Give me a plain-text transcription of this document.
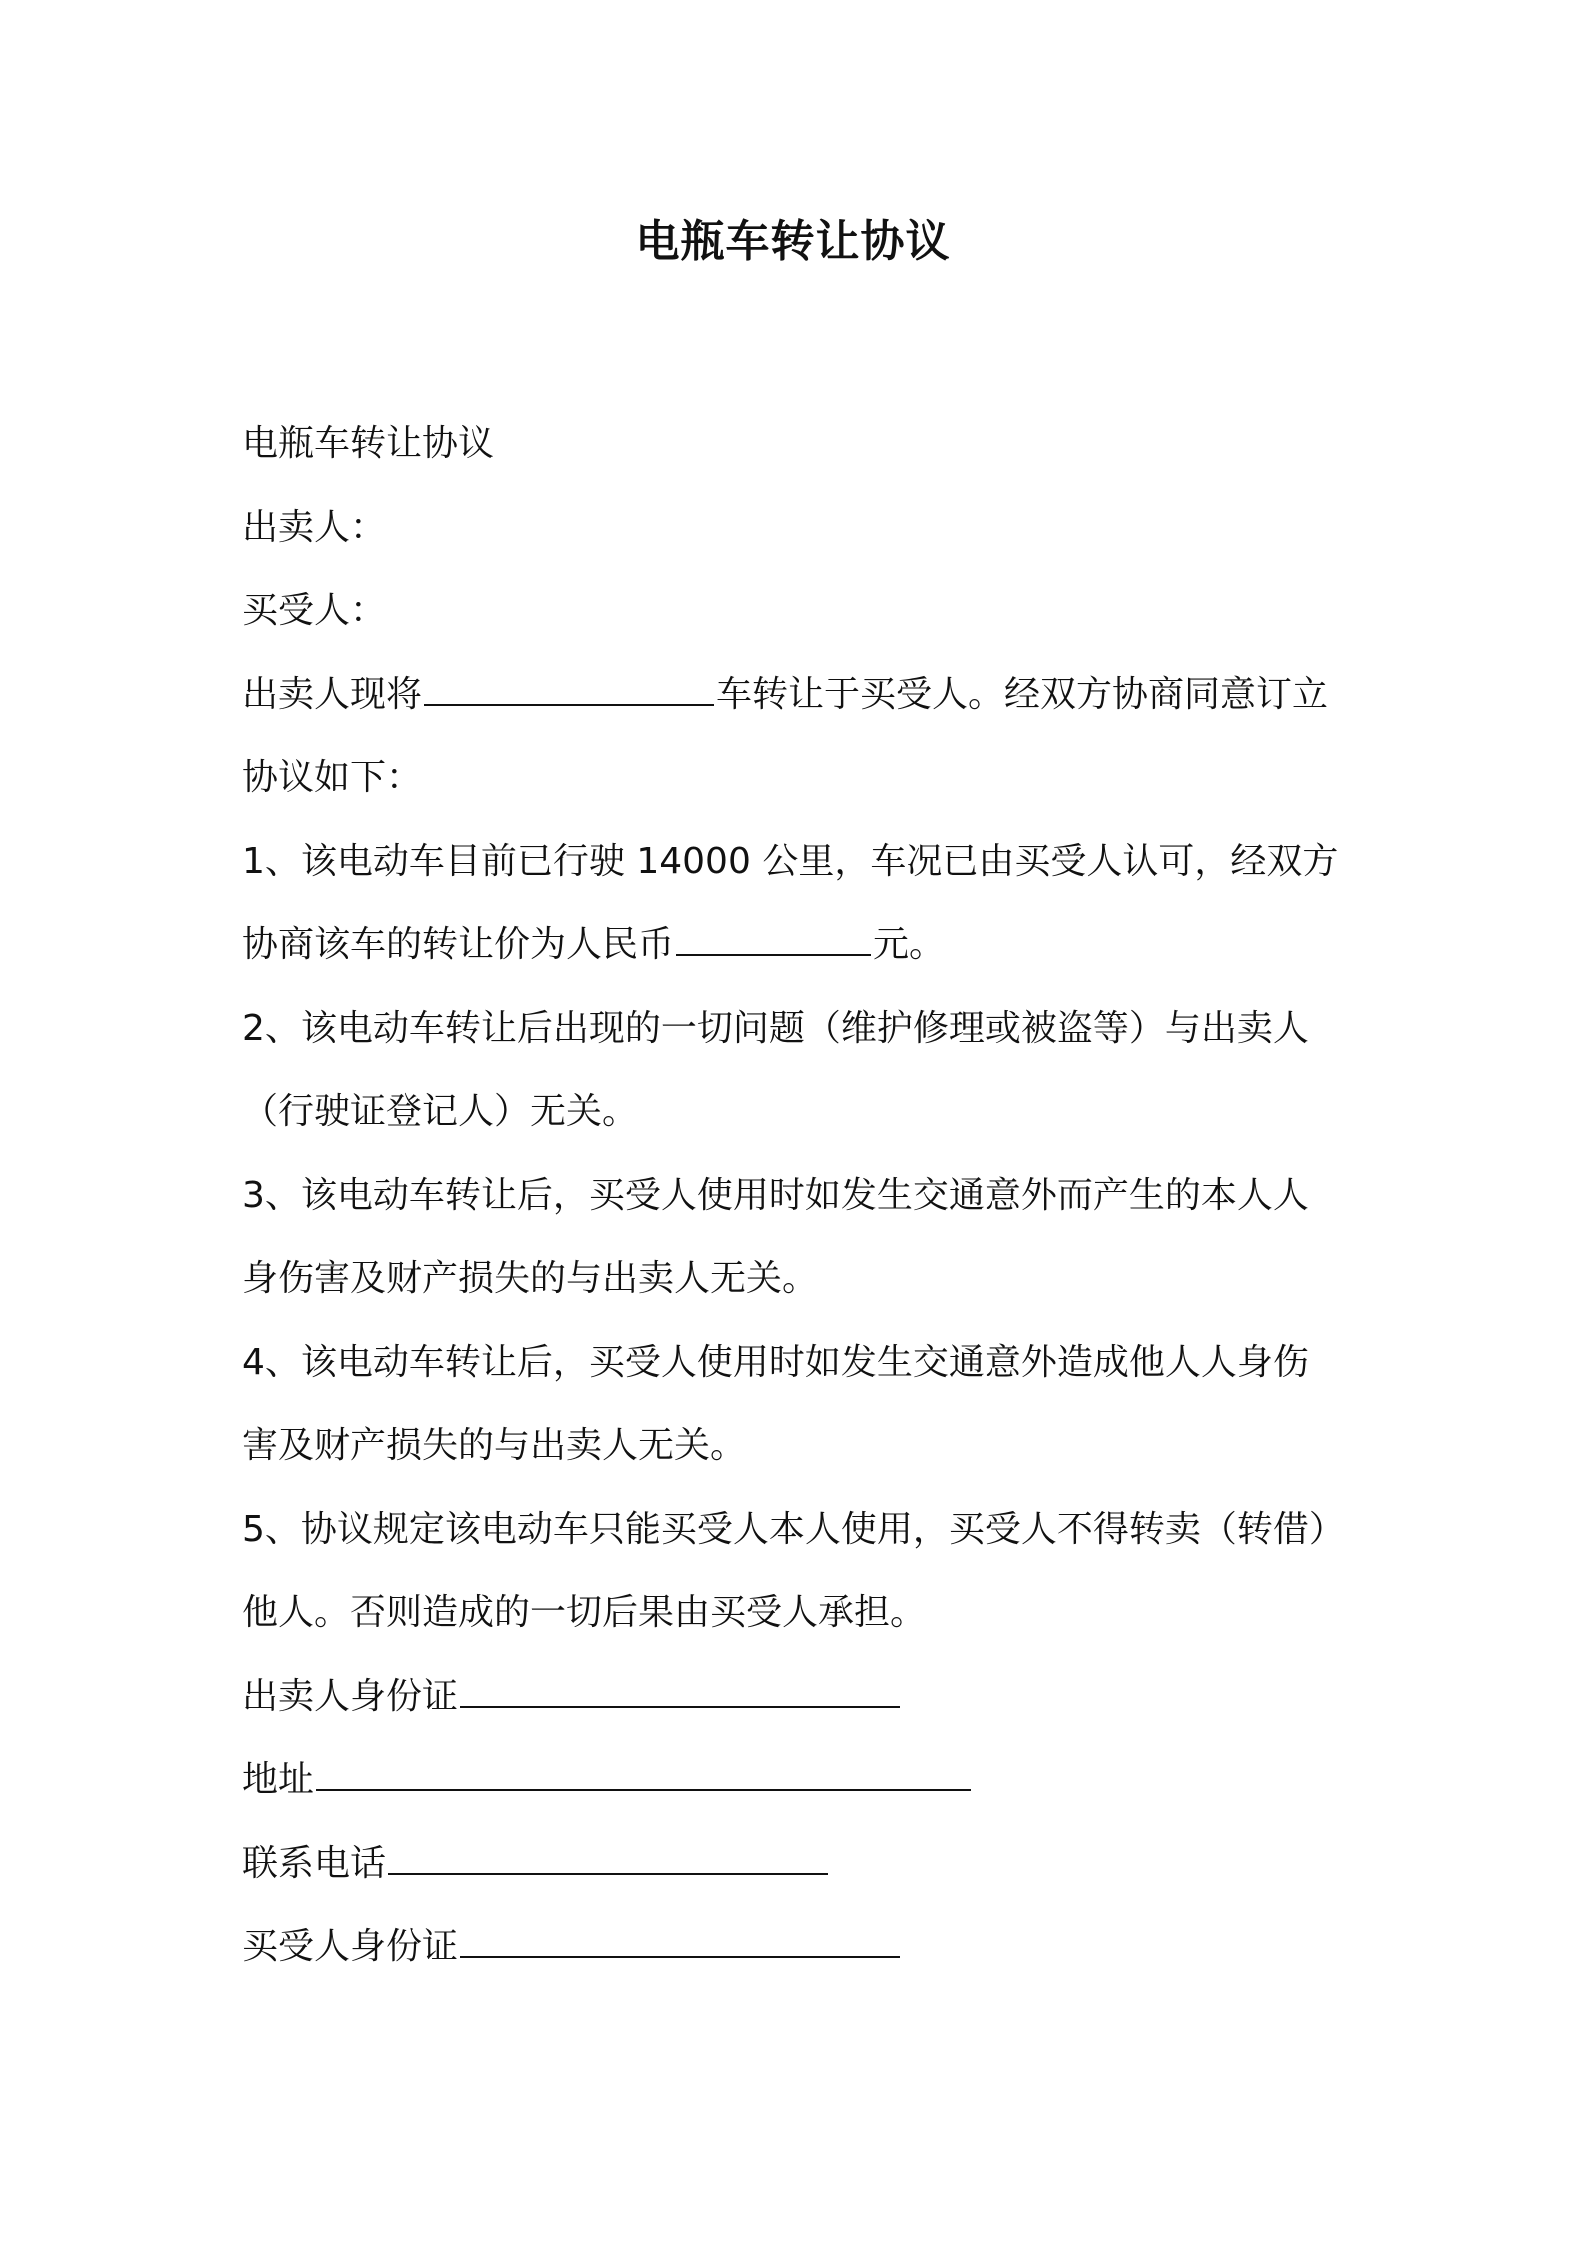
电瓶车转让协议

电瓶车转让协议

出卖人：

买受人：

出卖人现将	车转让于买受人。经双方协商同意订立

协议如下：

1、该电动车目前已行驶 14000 公里，车况已由买受人认可，经双方

协商该车的转让价为人民币	元。

2、该电动车转让后出现的一切问题（维护修理或被盗等）与出卖人

（行驶证登记人）无关。

3、该电动车转让后，买受人使用时如发生交通意外而产生的本人人

身伤害及财产损失的与出卖人无关。

4、该电动车转让后，买受人使用时如发生交通意外造成他人人身伤

害及财产损失的与出卖人无关。

5、协议规定该电动车只能买受人本人使用，买受人不得转卖（转借）

他人。否则造成的一切后果由买受人承担。

出卖人身份证

地址

联系电话

买受人身份证
